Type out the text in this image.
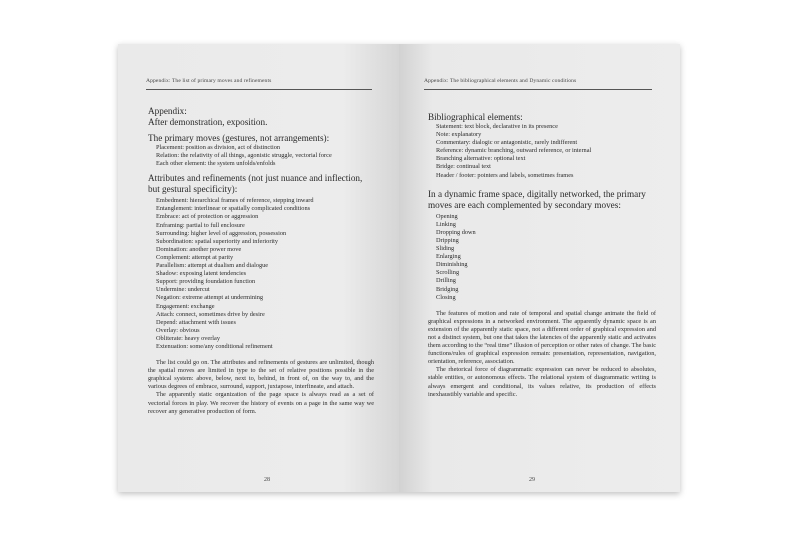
Appendix: The list of primary moves and refinements

Appendix:

After demonstration, exposition.

The primary moves (gestures, not arrangements):

Placement: position as division, act of distinction

Relation: the relativity of all things, agonistic struggle, vectorial force

Each other element: the system unfolds/enfolds

Attributes and refinements (not just nuance and inflection,

but gestural specificity):

Embedment: hierarchical frames of reference, stepping inward

Entanglement: interlinear or spatially complicated conditions

Embrace: act of protection or aggression

Enframing: partial to full enclosure

Surrounding: higher level of aggression, possession

Subordination: spatial superiority and inferiority

Domination: another power move

Complement: attempt at parity

Parallelism: attempt at dualism and dialogue

Shadow: exposing latent tendencies

Support: providing foundation function

Undermine: undercut

Negation: extreme attempt at undermining

Engagement: exchange

Attach: connect, sometimes drive by desire

Depend: attachment with issues

Overlay: obvious

Obliterate: heavy overlay

Extenuation: some/any conditional refinement

The list could go on. The attributes and refinements of gestures are unlimited, though the spatial moves are limited in type to the set of relative positions possible in the graphical system: above, below, next to, behind, in front of, on the way to, and the various degrees of embrace, surround, support, juxtapose, interfineate, and attach.

The apparently static organization of the page space is always read as a set of vectorial forces in play. We recover the history of events on a page in the same way we recover any generative production of form.

28
Appendix: The bibliographical elements and Dynamic conditions

Bibliographical elements:

Statement: text block, declarative in its presence

Note: explanatory

Commentary: dialogic or antagonistic, rarely indifferent

Reference: dynamic branching, outward reference, or internal

Branching alternative: optional text

Bridge: continual text

Header / footer: pointers and labels, sometimes frames

In a dynamic frame space, digitally networked, the primary

moves are each complemented by secondary moves:

Opening

Linking

Dropping down

Dripping

Sliding

Enlarging

Diminishing

Scrolling

Drilling

Bridging

Closing

The features of motion and rate of temporal and spatial change animate the field of graphical expressions in a networked environment. The apparently dynamic space is an extension of the apparently static space, not a different order of graphical expression and not a distinct system, but one that takes the latencies of the apparently static and activates them according to the “real time” illusion of perception or other rates of change. The basic functions/rules of graphical expression remain: presentation, representation, navigation, orientation, reference, association.

The rhetorical force of diagrammatic expression can never be reduced to absolutes, stable entities, or autonomous effects. The relational system of diagrammatic writing is always emergent and conditional, its values relative, its production of effects inexhaustibly variable and specific.

29
